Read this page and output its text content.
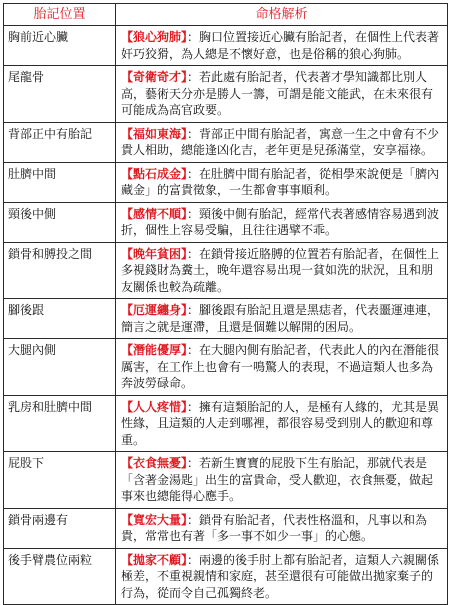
胎記位置	命格解析
胸前近心臟	【狼心狗肺】：胸口位置接近心臟有胎記者，在個性上代表著奸巧狡猾，為人總是不懷好意，也是俗稱的狼心狗肺。
尾龍骨	【奇衛奇才】：若此處有胎記者，代表著才學知識都比別人高，藝術天分亦是勝人一籌，可謂是能文能武，在未來很有可能成為高官政要。
背部正中有胎記	【福如東海】：背部正中間有胎記者，寓意一生之中會有不少貴人相助，總能逢凶化吉，老年更是兒孫滿堂，安享福祿。
肚臍中間	【點石成金】：在肚臍中間有胎記者，從相學來說便是「臍內藏金」的富貴徵象，一生都會事事順利。
頸後中側	【感情不順】：頸後中側有胎記，經常代表著感情容易遇到波折，個性上容易受騙，且往往遇擘不乖。
鎖骨和膊投之間	【晚年貧困】：在鎖骨接近胳膊的位置若有胎記者，在個性上多視錢財為糞土，晚年還容易出現一貧如洗的狀況，且和朋友關係也較為疏離。
腳後跟	【厄運纏身】：腳後跟有胎記且還是黑痣者，代表噩運連連，簡言之就是運滯，且還是個難以解開的困局。
大腿內側	【潛能優厚】：在大腿內側有胎記者，代表此人的內在潛能很厲害，在工作上也會有一鳴驚人的表現，不過這類人也多為奔波勞碌命。
乳房和肚臍中間	【人人疼惜】：擁有這類胎記的人，是極有人緣的，尤其是異性緣，且這類的人走到哪裡，都很容易受到別人的歡迎和尊重。
屁股下	【衣食無憂】：若新生寶寶的屁股下生有胎記，那就代表是「含著金湯匙」出生的富貴命，受人歡迎，衣食無憂，做起事來也總能得心應手。
鎖骨兩邊有	【寬宏大量】：鎖骨有胎記者，代表性格溫和，凡事以和為貴，常常也有著「多一事不如少一事」的心態。
後手臂農位兩粒	【拋家不顧】：兩邊的後手肘上都有胎記者，這類人六親關係極差，不重視親情和家庭，甚至還很有可能做出拋家棄子的行為，從而令自己孤獨終老。
